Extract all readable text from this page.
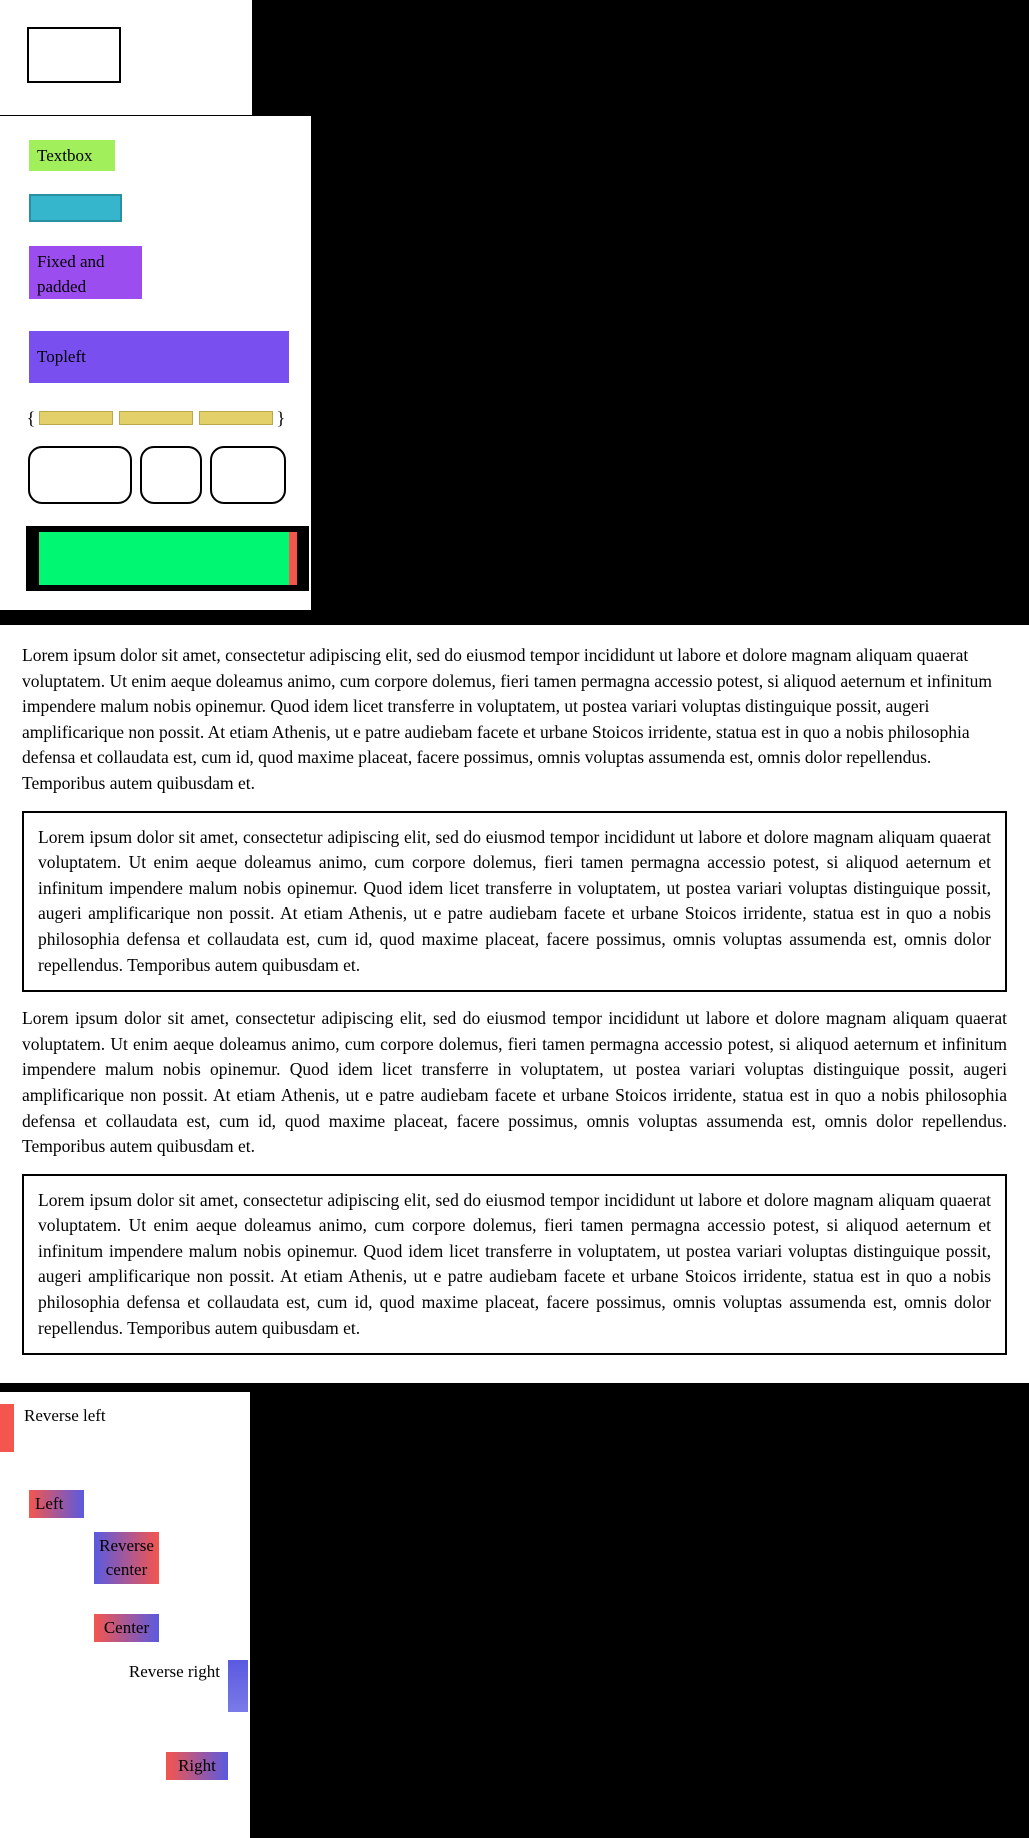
Textbox
Fixed and padded
Topleft
{	}

Lorem ipsum dolor sit amet, consectetur adipiscing elit, sed do eiusmod tempor incididunt ut labore et dolore magnam aliquam quaerat voluptatem. Ut enim aeque doleamus animo, cum corpore dolemus, fieri tamen permagna accessio potest, si aliquod aeternum et infinitum impendere malum nobis opinemur. Quod idem licet transferre in voluptatem, ut postea variari voluptas distinguique possit, augeri amplificarique non possit. At etiam Athenis, ut e patre audiebam facete et urbane Stoicos irridente, statua est in quo a nobis philosophia defensa et collaudata est, cum id, quod maxime placeat, facere possimus, omnis voluptas assumenda est, omnis dolor repellendus. Temporibus autem quibusdam et.

Lorem ipsum dolor sit amet, consectetur adipiscing elit, sed do eiusmod tempor incididunt ut labore et dolore magnam aliquam quaerat voluptatem. Ut enim aeque doleamus animo, cum corpore dolemus, fieri tamen permagna accessio potest, si aliquod aeternum et infinitum impendere malum nobis opinemur. Quod idem licet transferre in voluptatem, ut postea variari voluptas distinguique possit, augeri amplificarique non possit. At etiam Athenis, ut e patre audiebam facete et urbane Stoicos irridente, statua est in quo a nobis philosophia defensa et collaudata est, cum id, quod maxime placeat, facere possimus, omnis voluptas assumenda est, omnis dolor repellendus. Temporibus autem quibusdam et.

Lorem ipsum dolor sit amet, consectetur adipiscing elit, sed do eiusmod tempor incididunt ut labore et dolore magnam aliquam quaerat voluptatem. Ut enim aeque doleamus animo, cum corpore dolemus, fieri tamen permagna accessio potest, si aliquod aeternum et infinitum impendere malum nobis opinemur. Quod idem licet transferre in voluptatem, ut postea variari voluptas distinguique possit, augeri amplificarique non possit. At etiam Athenis, ut e patre audiebam facete et urbane Stoicos irridente, statua est in quo a nobis philosophia defensa et collaudata est, cum id, quod maxime placeat, facere possimus, omnis voluptas assumenda est, omnis dolor repellendus. Temporibus autem quibusdam et.

Lorem ipsum dolor sit amet, consectetur adipiscing elit, sed do eiusmod tempor incididunt ut labore et dolore magnam aliquam quaerat voluptatem. Ut enim aeque doleamus animo, cum corpore dolemus, fieri tamen permagna accessio potest, si aliquod aeternum et infinitum impendere malum nobis opinemur. Quod idem licet transferre in voluptatem, ut postea variari voluptas distinguique possit, augeri amplificarique non possit. At etiam Athenis, ut e patre audiebam facete et urbane Stoicos irridente, statua est in quo a nobis philosophia defensa et collaudata est, cum id, quod maxime placeat, facere possimus, omnis voluptas assumenda est, omnis dolor repellendus. Temporibus autem quibusdam et.

Reverse left
Left
Reverse center
Center
Reverse right
Right
